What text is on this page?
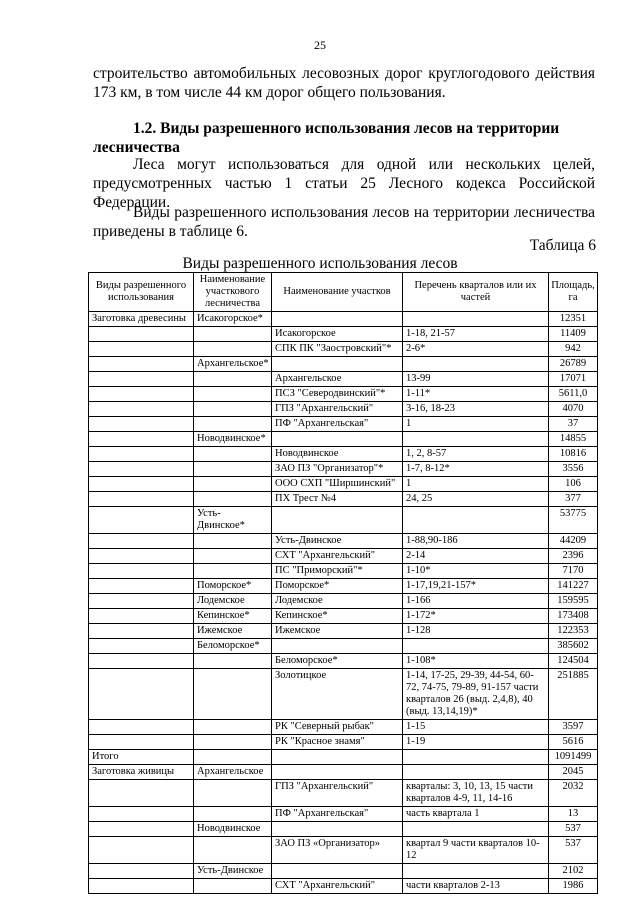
25
строительство автомобильных лесовозных дорог круглогодового действия 173 км, в том числе 44 км дорог общего пользования.
1.2. Виды разрешенного использования лесов на территории лесничества
Леса могут использоваться для одной или нескольких целей, предусмотренных частью 1 статьи 25 Лесного кодекса Российской Федерации.
Виды разрешенного использования лесов на территории лесничества приведены в таблице 6.
Таблица 6
Виды разрешенного использования лесов
Виды разрешенного использования	Наименование участкового лесничества	Наименование участков	Перечень кварталов или их частей	Площадь, га
Заготовка древесины	Исакогорское*			12351
		Исакогорское	1-18, 21-57	11409
		СПК ПК "Заостровский"*	2-6*	942
	Архангельское*			26789
		Архангельское	13-99	17071
		ПСЗ "Северодвинский"*	1-11*	5611,0
		ГПЗ "Архангельский"	3-16, 18-23	4070
		ПФ "Архангельская"	1	37
	Новодвинское*			14855
		Новодвинское	1, 2, 8-57	10816
		ЗАО ПЗ "Организатор"*	1-7, 8-12*	3556
		ООО СХП "Ширшинский"	1	106
		ПХ Трест №4	24, 25	377
	Усть-Двинское*			53775
		Усть-Двинское	1-88,90-186	44209
		СХТ "Архангельский"	2-14	2396
		ПС "Приморский"*	1-10*	7170
	Поморское*	Поморское*	1-17,19,21-157*	141227
	Лодемское	Лодемское	1-166	159595
	Кепинское*	Кепинское*	1-172*	173408
	Ижемское	Ижемское	1-128	122353
	Беломорское*			385602
		Беломорское*	1-108*	124504
		Золотицкое	1-14, 17-25, 29-39, 44-54, 60-72, 74-75, 79-89, 91-157 части кварталов 26 (выд. 2,4,8), 40 (выд. 13,14,19)*	251885
		РК "Северный рыбак"	1-15	3597
		РК "Красное знамя"	1-19	5616
Итого				1091499
Заготовка живицы	Архангельское			2045
		ГПЗ "Архангельский"	кварталы: 3, 10, 13, 15 части кварталов 4-9, 11, 14-16	2032
		ПФ "Архангельская"	часть квартала 1	13
	Новодвинское			537
		ЗАО ПЗ «Организатор»	квартал 9 части кварталов 10-12	537
	Усть-Двинское			2102
		СХТ "Архангельский"	части кварталов 2-13	1986
